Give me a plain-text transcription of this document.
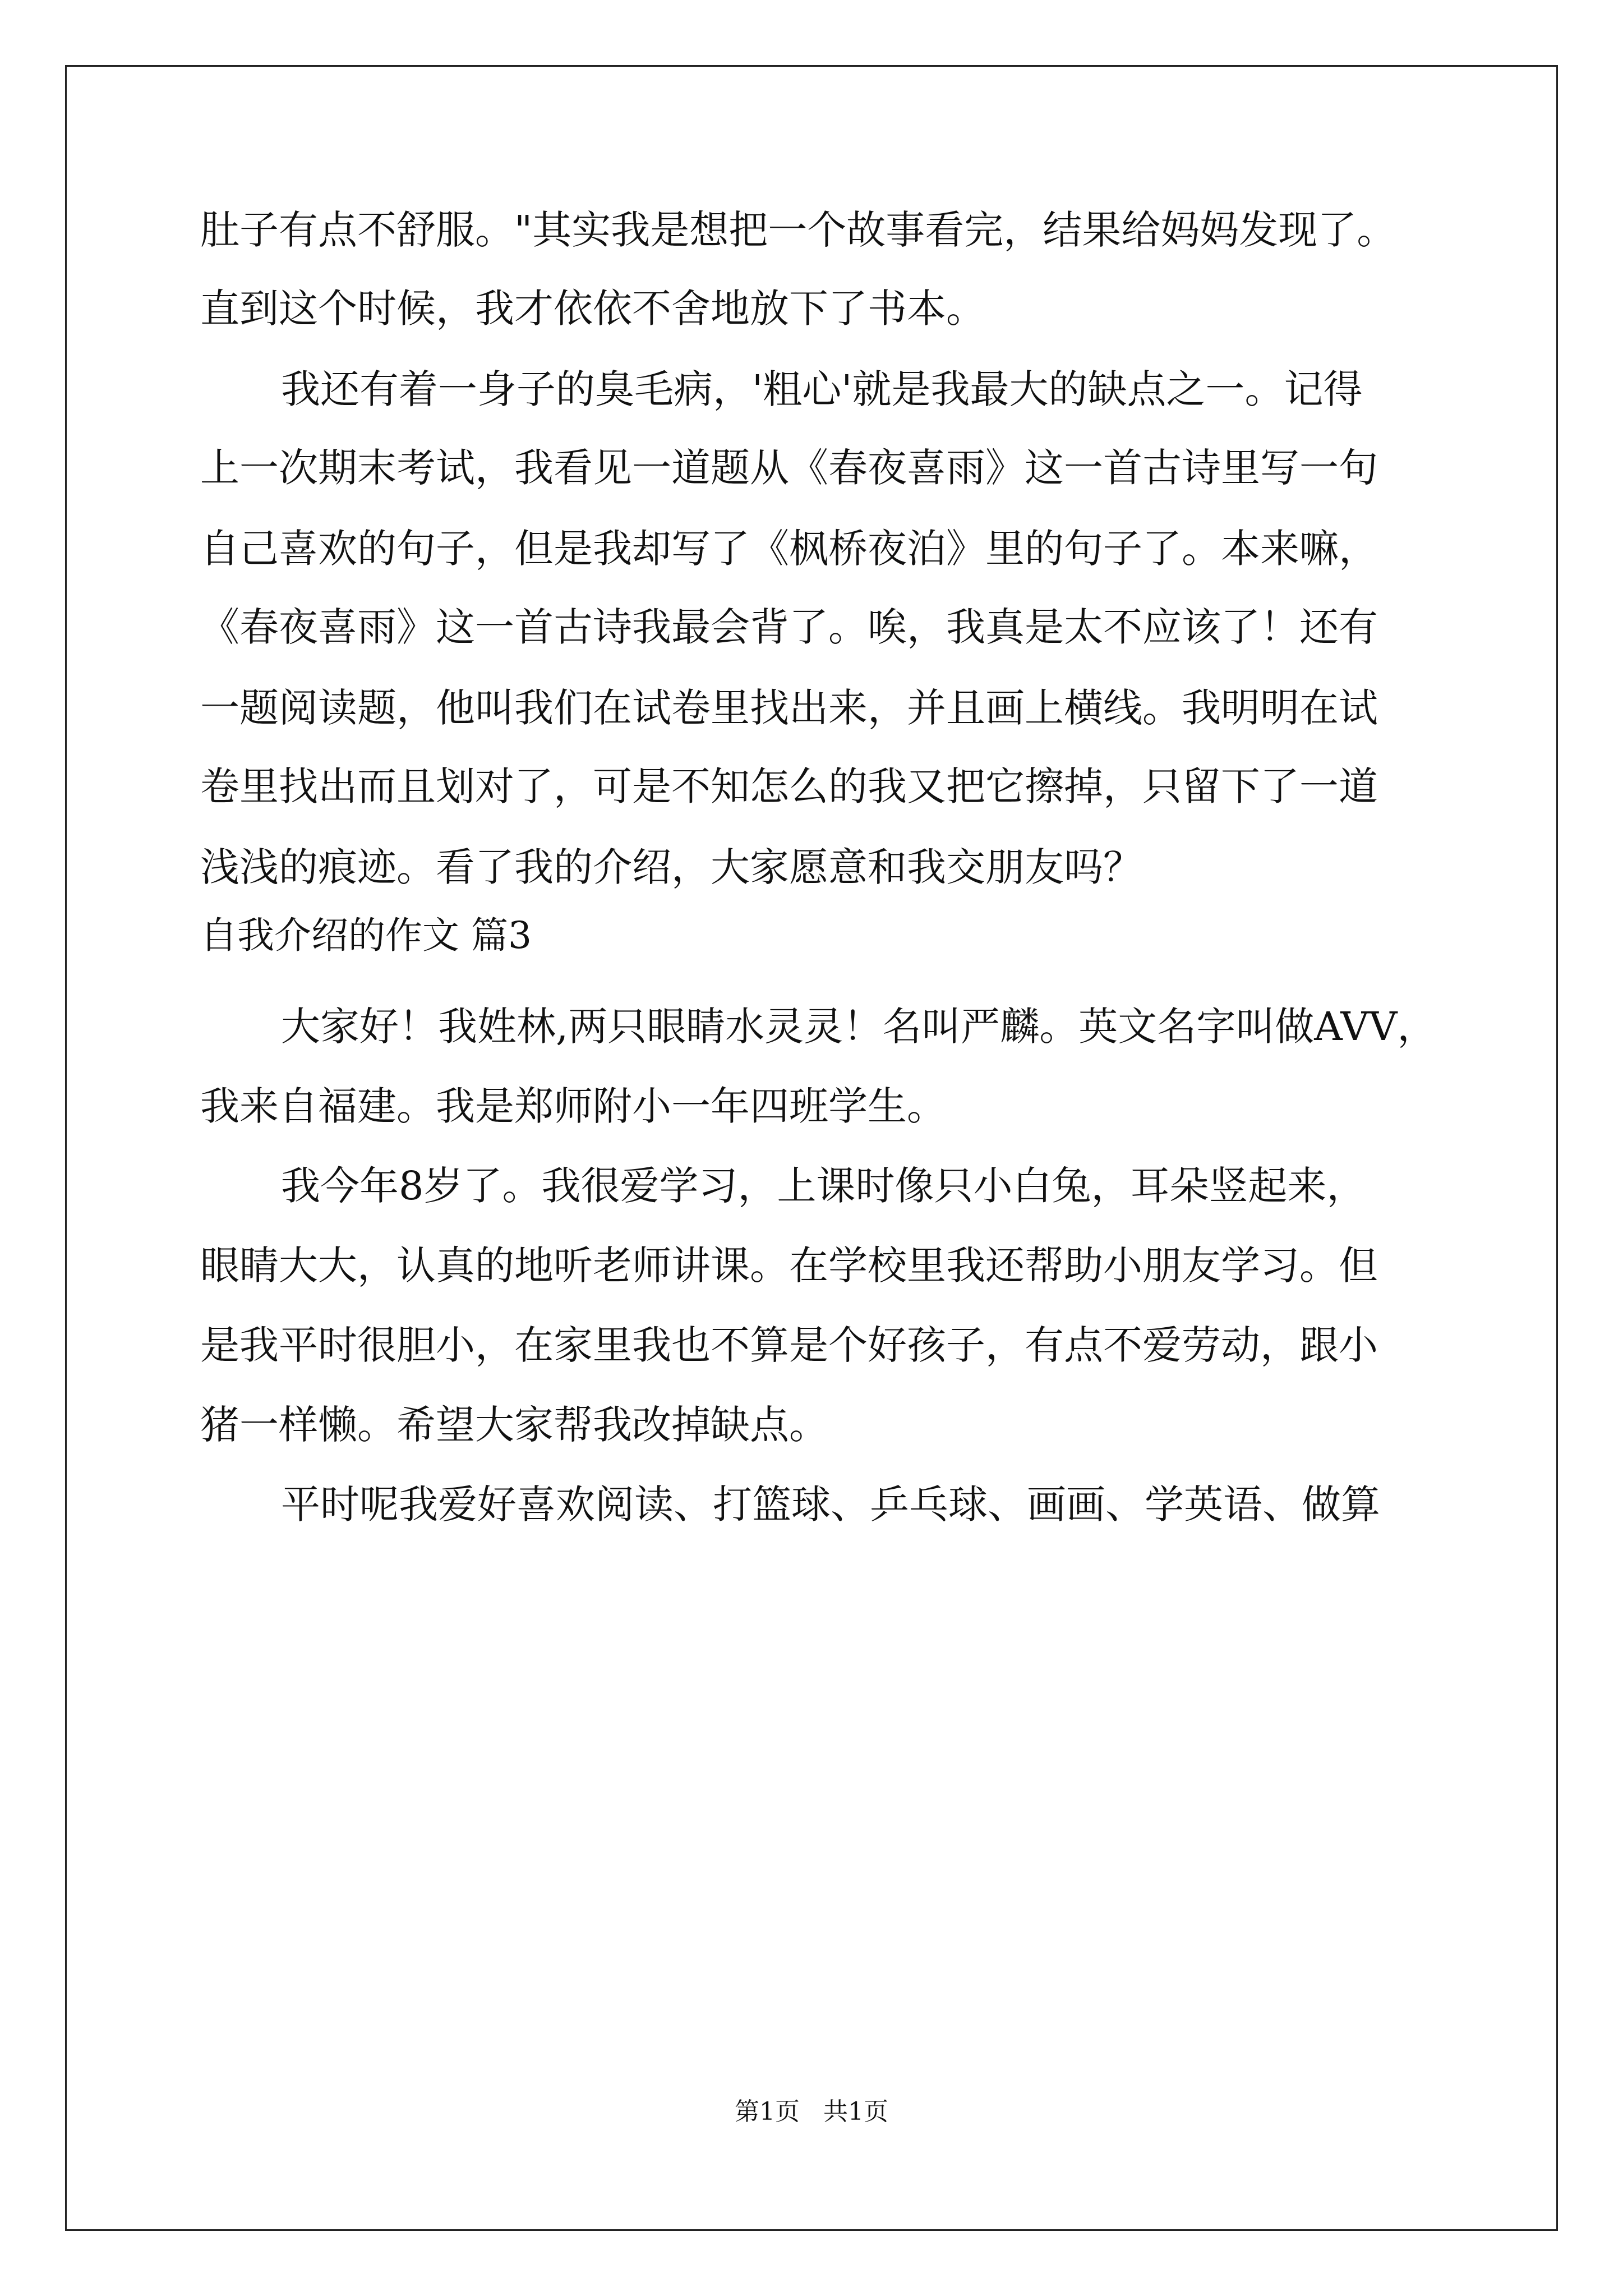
肚子有点不舒服。"其实我是想把一个故事看完，结果给妈妈发现了。
直到这个时候，我才依依不舍地放下了书本。
我还有着一身子的臭毛病，'粗心'就是我最大的缺点之一。记得
上一次期末考试，我看见一道题从《春夜喜雨》这一首古诗里写一句
自己喜欢的句子，但是我却写了《枫桥夜泊》里的句子了。本来嘛，
《春夜喜雨》这一首古诗我最会背了。唉，我真是太不应该了！还有
一题阅读题，他叫我们在试卷里找出来，并且画上横线。我明明在试
卷里找出而且划对了，可是不知怎么的我又把它擦掉，只留下了一道
浅浅的痕迹。看了我的介绍，大家愿意和我交朋友吗？
自我介绍的作文 篇3
大家好！我姓林,两只眼睛水灵灵！名叫严麟。英文名字叫做AVV，
我来自福建。我是郑师附小一年四班学生。
我今年8岁了。我很爱学习，上课时像只小白兔，耳朵竖起来，
眼睛大大，认真的地听老师讲课。在学校里我还帮助小朋友学习。但
是我平时很胆小，在家里我也不算是个好孩子，有点不爱劳动，跟小
猪一样懒。希望大家帮我改掉缺点。
平时呢我爱好喜欢阅读、打篮球、乒乓球、画画、学英语、做算
第1页 共1页
